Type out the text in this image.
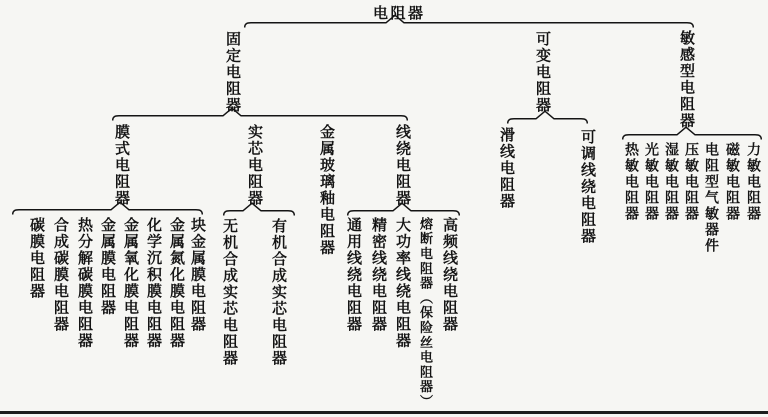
电阻器
固定电阻器	可变电阻器	敏感型电阻器
膜式电阻器	实芯电阻器	金属玻璃釉电阻器	线绕电阻器	滑线电阻器	可调线绕电阻器 热敏电阻器 光敏电阻器 湿敏电阻器 压敏电阻器 电阻型气敏器件 磁敏电阻器 力敏电阻器
碳膜电阻器 合成碳膜电阻器 热分解碳膜电阻器 金属膜电阻器 金属氧化膜电阻器 化学沉积膜电阻器 金属氮化膜电阻器 块金属膜电阻器 无机合成实芯电阻器 有机合成实芯电阻器	通用线绕电阻器 精密线绕电阻器 大功率线绕电阻器 熔断电阻器（保险丝电阻器） 高频线绕电阻器
